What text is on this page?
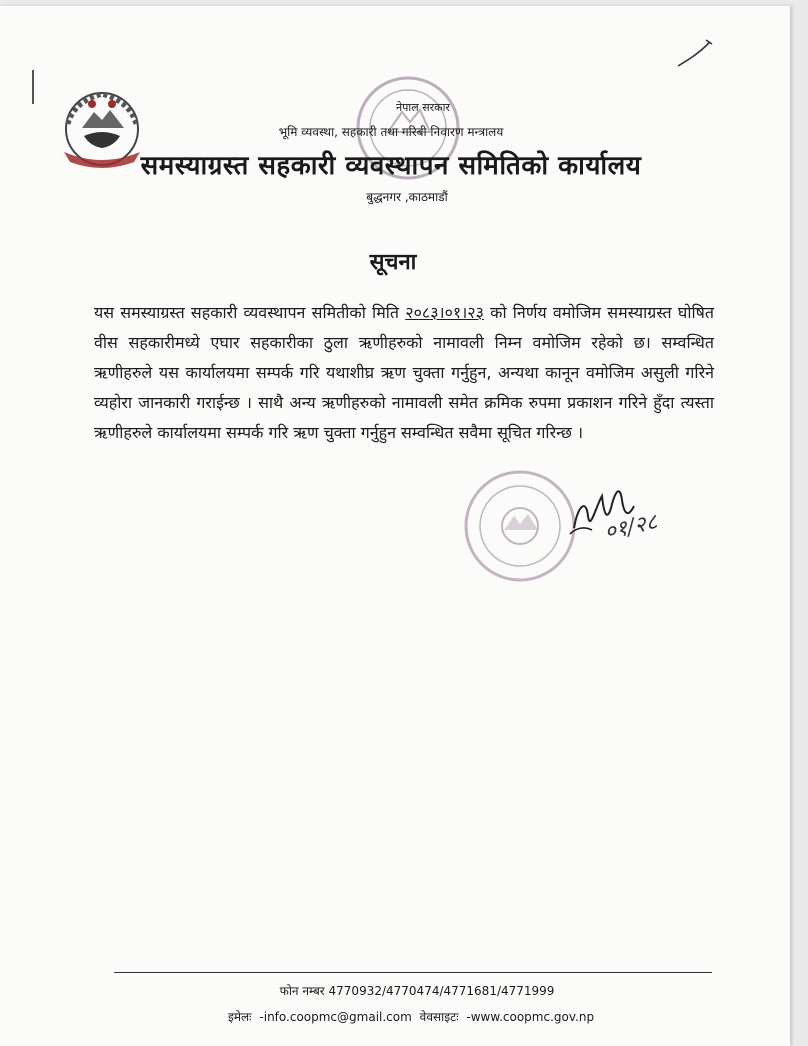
नेपाल सरकार
भूमि व्यवस्था, सहकारी तथा गरिबी निवारण मन्त्रालय
समस्याग्रस्त सहकारी व्यवस्थापन समितिको कार्यालय
बुद्धनगर ,काठमाडौं
सूचना
यस समस्याग्रस्त सहकारी व्यवस्थापन समितीको मिति २०८३।०१।२३ को निर्णय वमोजिम समस्याग्रस्त घोषित वीस सहकारीमध्ये एघार सहकारीका ठुला ऋणीहरुको नामावली निम्न वमोजिम रहेको छ। सम्वन्धित ऋणीहरुले यस कार्यालयमा सम्पर्क गरि यथाशीघ्र ऋण चुक्ता गर्नुहुन, अन्यथा कानून वमोजिम असुली गरिने व्यहोरा जानकारी गराईन्छ । साथै अन्य ऋणीहरुको नामावली समेत क्रमिक रुपमा प्रकाशन गरिने हुँदा त्यस्ता ऋणीहरुले कार्यालयमा सम्पर्क गरि ऋण चुक्ता गर्नुहुन सम्वन्धित सवैमा सूचित गरिन्छ ।
०१/२८
फोन नम्बर 4770932/4770474/4771681/4771999
इमेलः -info.coopmc@gmail.com वेवसाइटः -www.coopmc.gov.np
